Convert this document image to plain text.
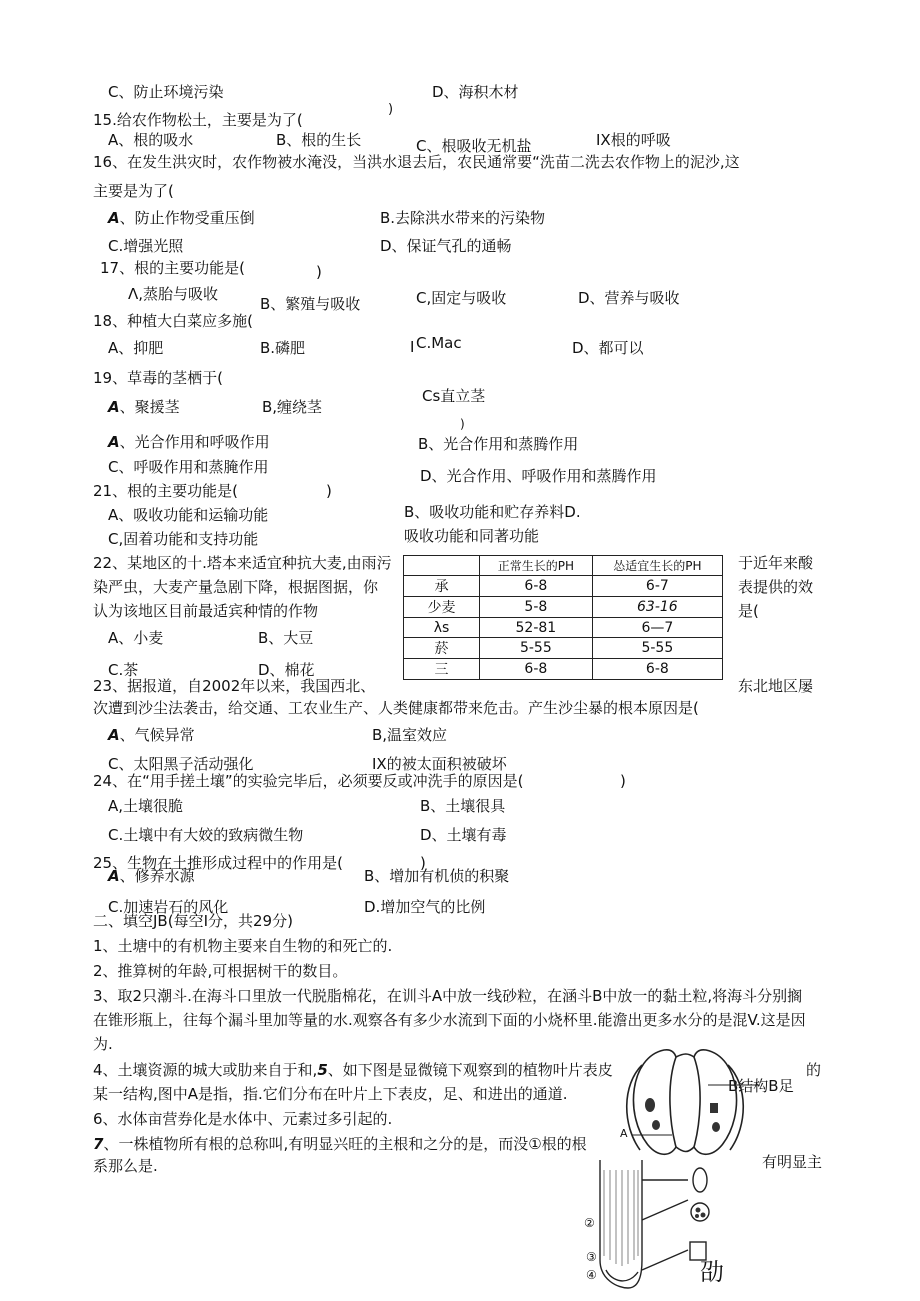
C、防止环境污染	D、海积木材
15.给农作物松土，主要是为了(
)
A、根的吸水	B、根的生长	C、根吸收无机盐	IX根的呼吸
16、在发生洪灾时，农作物被水淹没，当洪水退去后，农民通常要“洗苗二洗去农作物上的泥沙,这
主要是为了(
A、防止作物受重压倒	B.去除洪水带来的污染物
C.增强光照	D、保证气孔的通畅
17、根的主要功能是(	)
Λ,蒸胎与吸收
B、繁殖与吸收	C,固定与吸收	D、营养与吸收
18、种植大白菜应多施(
A、抑肥	B.磷肥	I C.Mac	D、都可以
19、草毒的茎栖于(
A、聚援茎	B,缠绕茎
Cs直立茎
)
A、光合作用和呼吸作用	B、光合作用和蒸腾作用
C、呼吸作用和蒸腌作用	D、光合作用、呼吸作用和蒸腾作用
21、根的主要功能是(	)
A、吸收功能和运输功能	B、吸收功能和贮存养料D.
C,固着功能和支持功能	吸收功能和同著功能
22、某地区的十.塔本来适宜种抗大麦,由雨污
染严虫，大麦产量急剧下降，根据图据，你
认为该地区目前最适宾种情的作物
于近年来酸
表提供的效
是(
	正常生长的PH	怂适宜生长的PH
承	6-8	6-7
少麦	5-8	63-16
λs	52-81	6—7
菸	5-55	5-55
三	6-8	6-8
A、小麦	B、大豆
C.茶	D、棉花
23、据报道，自2002年以来，我国西北、	东北地区屡
次遭到沙尘法袭击，给交通、工农业生产、人类健康都带来危击。产生沙尘暴的根本原因是(
A、气候异常	B,温室效应
C、太阳黑子活动强化	IX的被太面积被破坏
24、在“用手搓土壤”的实验完毕后，必须要反或冲洗手的原因是(	)
A,土壤很脆	B、土壤很具
C.土壤中有大姣的致病微生物	D、土壤有毒
25、生物在土推形成过程中的作用是(	)
A、修养水源	B、增加有机侦的积聚
C.加速岩石的风化	D.增加空气的比例
二、填空JB(每空I分，共29分)
1、土塘中的有机物主要来自生物的和死亡的.
2、推算树的年龄,可根据树干的数目。
3、取2只潮斗.在海斗口里放一代脱脂棉花，在训斗A中放一线砂粒，在涵斗B中放一的黏土粒,将海斗分别搁
在锥形瓶上，往每个漏斗里加等量的水.观察各有多少水流到下面的小烧杯里.能澹出更多水分的是混V.这是因
为.
4、土壤资源的城大或肋来自于和,5、如下图是显微镜下观察到的植物叶片表皮	的
某一结构,图中A是指，指.它们分布在叶片上下表皮，足、和进出的通道.	B结构B足
6、水体亩营券化是水体中、元素过多引起的.
7、一株植物所有根的总称叫,有明显兴旺的主根和之分的是，而没①根的根
有明显主
系那么是.
A
②
③
④	劭
